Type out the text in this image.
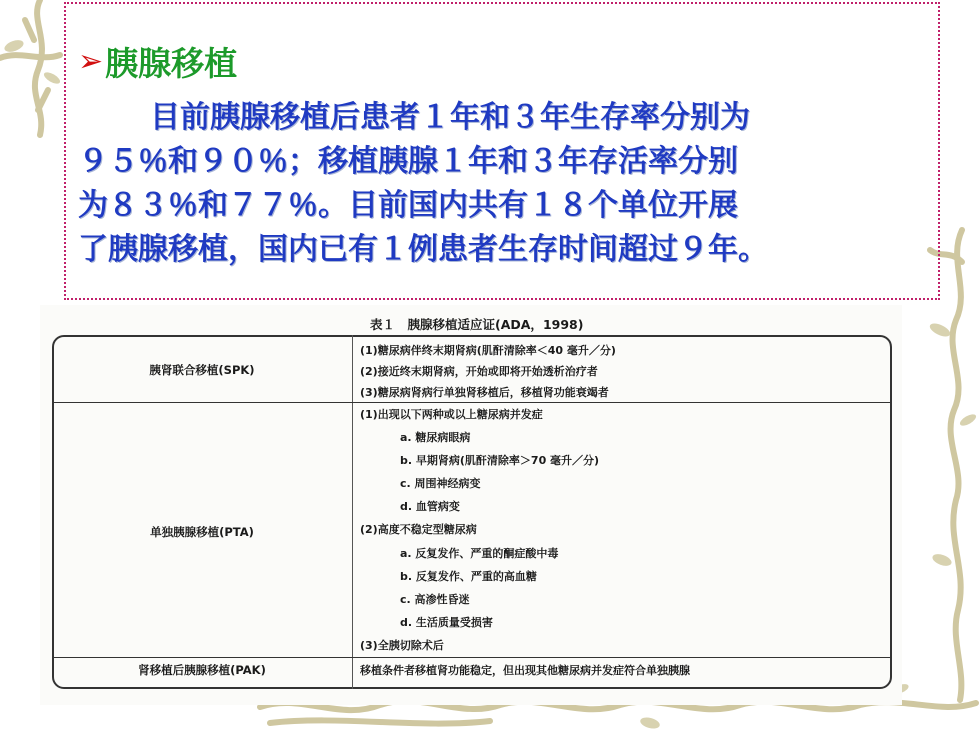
➢ 胰腺移植
目前胰腺移植后患者１年和３年生存率分别为
９５％和９０％；移植胰腺１年和３年存活率分别
为８３％和７７％。目前国内共有１８个单位开展
了胰腺移植，国内已有１例患者生存时间超过９年。
表１　胰腺移植适应证(ADA，1998)
胰肾联合移植(SPK)
(1)糖尿病伴终末期肾病(肌酐清除率＜40 毫升／分)
(2)接近终末期肾病，开始或即将开始透析治疗者
(3)糖尿病肾病行单独肾移植后，移植肾功能衰竭者
单独胰腺移植(PTA)
(1)出现以下两种或以上糖尿病并发症
a. 糖尿病眼病
b. 早期肾病(肌酐清除率＞70 毫升／分)
c. 周围神经病变
d. 血管病变
(2)高度不稳定型糖尿病
a. 反复发作、严重的酮症酸中毒
b. 反复发作、严重的高血糖
c. 高渗性昏迷
d. 生活质量受损害
(3)全胰切除术后
肾移植后胰腺移植(PAK)	移植条件者移植肾功能稳定，但出现其他糖尿病并发症符合单独胰腺
